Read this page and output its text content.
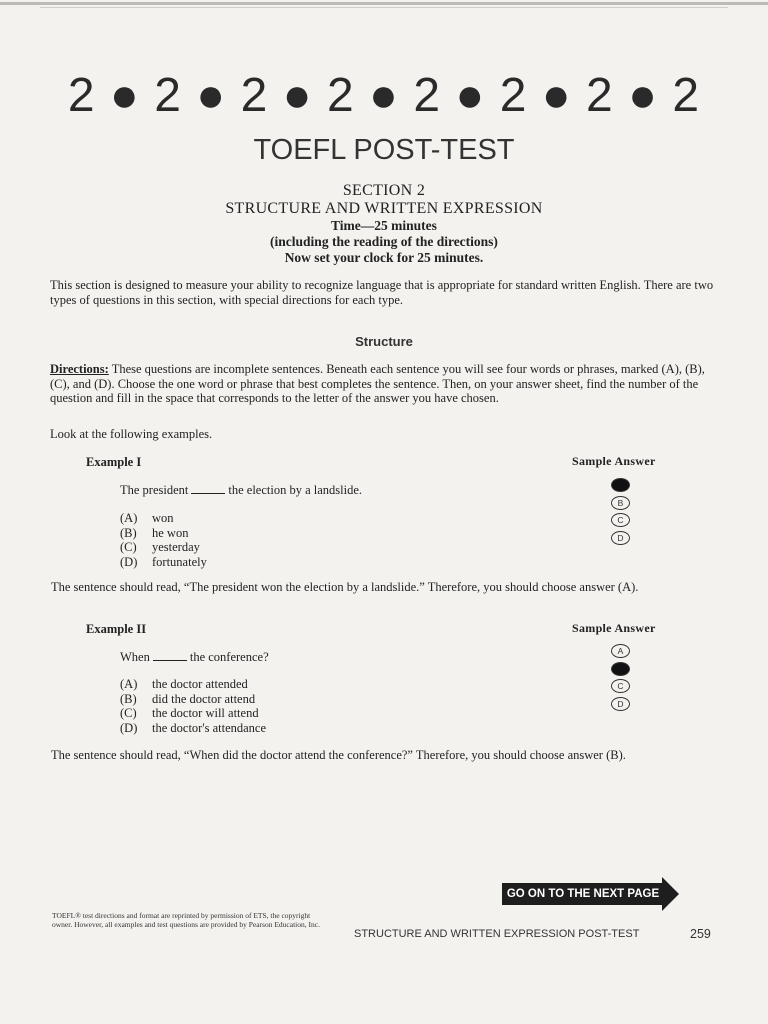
2 ● 2 ● 2 ● 2 ● 2 ● 2 ● 2 ● 2
TOEFL POST-TEST
SECTION 2
STRUCTURE AND WRITTEN EXPRESSION
Time—25 minutes
(including the reading of the directions)
Now set your clock for 25 minutes.
This section is designed to measure your ability to recognize language that is appropriate for standard written English. There are two types of questions in this section, with special directions for each type.
Structure
Directions: These questions are incomplete sentences. Beneath each sentence you will see four words or phrases, marked (A), (B), (C), and (D). Choose the one word or phrase that best completes the sentence. Then, on your answer sheet, find the number of the question and fill in the space that corresponds to the letter of the answer you have chosen.
Look at the following examples.
Example I	Sample Answer
The president	the election by a landslide.
(A)	won
(B)	he won
(C)	yesterday
(D)	fortunately
A
B
C
D
The sentence should read, “The president won the election by a landslide.” Therefore, you should choose answer (A).
Example II	Sample Answer
When	the conference?
(A)	the doctor attended
(B)	did the doctor attend
(C)	the doctor will attend
(D)	the doctor's attendance
A
B
C
D
The sentence should read, “When did the doctor attend the conference?” Therefore, you should choose answer (B).
GO ON TO THE NEXT PAGE
TOEFL® test directions and format are reprinted by permission of ETS, the copyright owner. However, all examples and test questions are provided by Pearson Education, Inc.
STRUCTURE AND WRITTEN EXPRESSION POST-TEST	259
